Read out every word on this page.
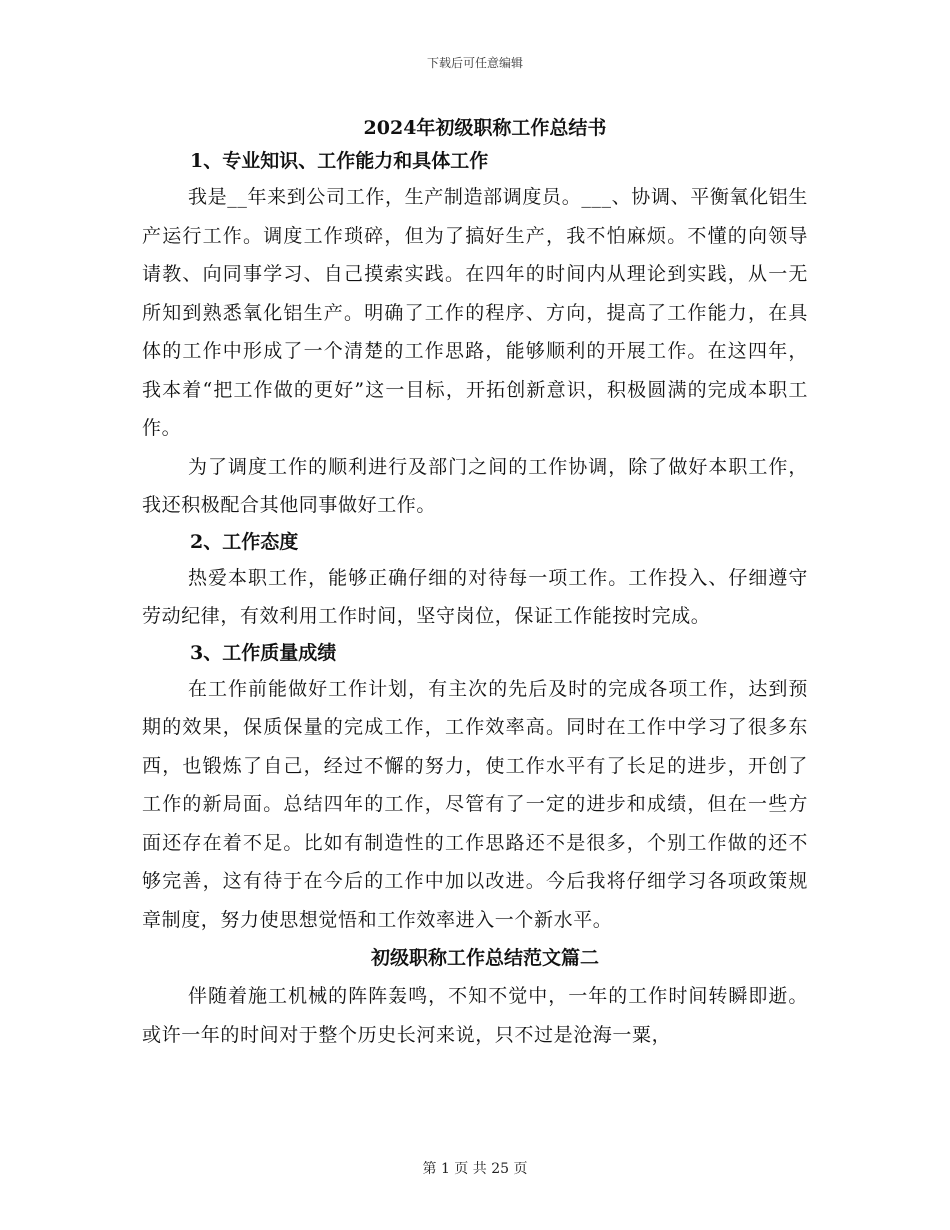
下载后可任意编辑

2024年初级职称工作总结书

1、专业知识、工作能力和具体工作

我是__年来到公司工作，生产制造部调度员。___、协调、平衡氧化铝生产运行工作。调度工作琐碎，但为了搞好生产，我不怕麻烦。不懂的向领导请教、向同事学习、自己摸索实践。在四年的时间内从理论到实践，从一无所知到熟悉氧化铝生产。明确了工作的程序、方向，提高了工作能力，在具体的工作中形成了一个清楚的工作思路，能够顺利的开展工作。在这四年，我本着“把工作做的更好”这一目标，开拓创新意识，积极圆满的完成本职工作。

为了调度工作的顺利进行及部门之间的工作协调，除了做好本职工作，我还积极配合其他同事做好工作。

2、工作态度

热爱本职工作，能够正确仔细的对待每一项工作。工作投入、仔细遵守劳动纪律，有效利用工作时间，坚守岗位，保证工作能按时完成。

3、工作质量成绩

在工作前能做好工作计划，有主次的先后及时的完成各项工作，达到预期的效果，保质保量的完成工作，工作效率高。同时在工作中学习了很多东西，也锻炼了自己，经过不懈的努力，使工作水平有了长足的进步，开创了工作的新局面。总结四年的工作，尽管有了一定的进步和成绩，但在一些方面还存在着不足。比如有制造性的工作思路还不是很多，个别工作做的还不够完善，这有待于在今后的工作中加以改进。今后我将仔细学习各项政策规章制度，努力使思想觉悟和工作效率进入一个新水平。

初级职称工作总结范文篇二

伴随着施工机械的阵阵轰鸣，不知不觉中，一年的工作时间转瞬即逝。或许一年的时间对于整个历史长河来说，只不过是沧海一粟，

第 1 页 共 25 页
